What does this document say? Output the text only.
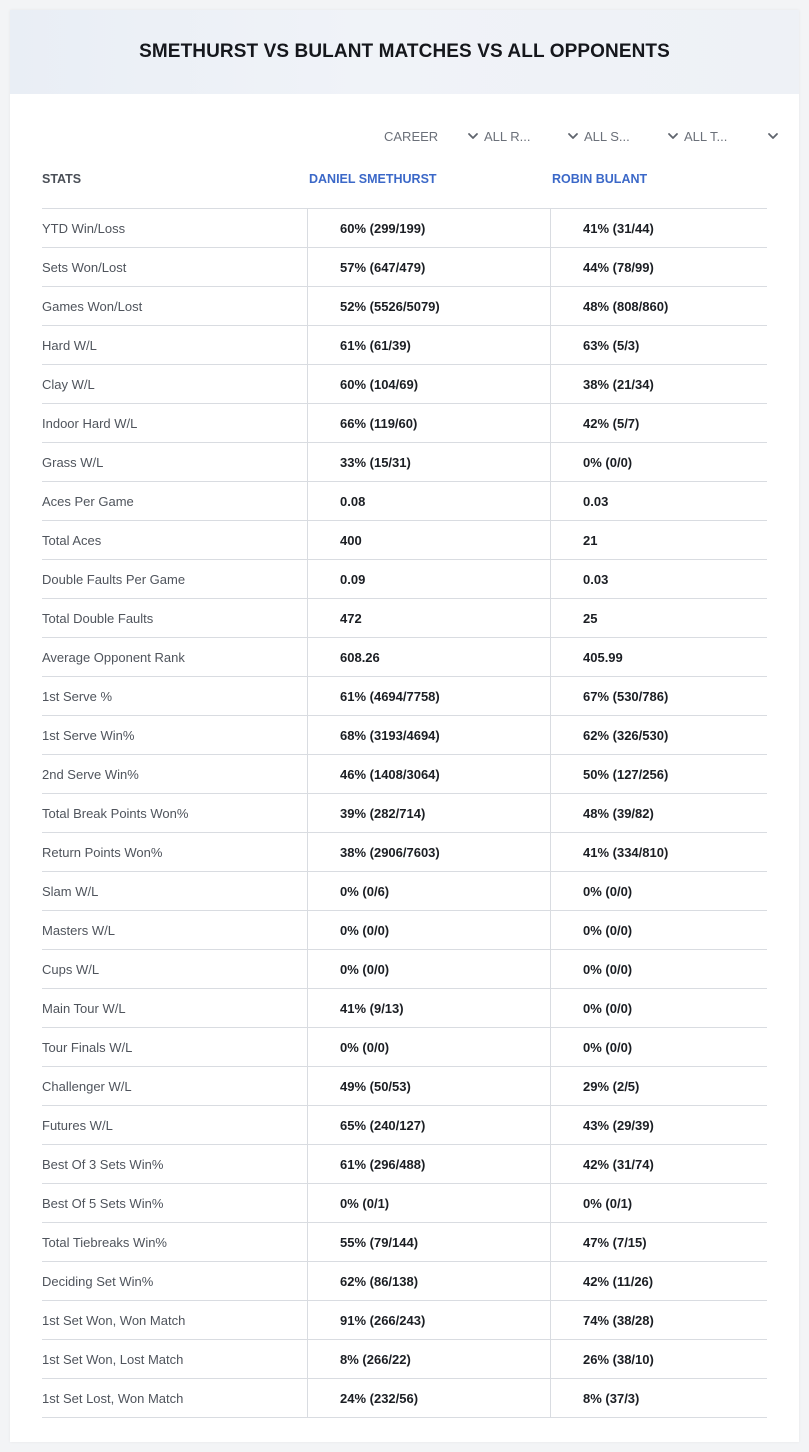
SMETHURST VS BULANT MATCHES VS ALL OPPONENTS
CAREER	ALL R...	ALL S...	ALL T...
STATS	DANIEL SMETHURST	ROBIN BULANT
YTD Win/Loss	60% (299/199)	41% (31/44)
Sets Won/Lost	57% (647/479)	44% (78/99)
Games Won/Lost	52% (5526/5079)	48% (808/860)
Hard W/L	61% (61/39)	63% (5/3)
Clay W/L	60% (104/69)	38% (21/34)
Indoor Hard W/L	66% (119/60)	42% (5/7)
Grass W/L	33% (15/31)	0% (0/0)
Aces Per Game	0.08	0.03
Total Aces	400	21
Double Faults Per Game	0.09	0.03
Total Double Faults	472	25
Average Opponent Rank	608.26	405.99
1st Serve %	61% (4694/7758)	67% (530/786)
1st Serve Win%	68% (3193/4694)	62% (326/530)
2nd Serve Win%	46% (1408/3064)	50% (127/256)
Total Break Points Won%	39% (282/714)	48% (39/82)
Return Points Won%	38% (2906/7603)	41% (334/810)
Slam W/L	0% (0/6)	0% (0/0)
Masters W/L	0% (0/0)	0% (0/0)
Cups W/L	0% (0/0)	0% (0/0)
Main Tour W/L	41% (9/13)	0% (0/0)
Tour Finals W/L	0% (0/0)	0% (0/0)
Challenger W/L	49% (50/53)	29% (2/5)
Futures W/L	65% (240/127)	43% (29/39)
Best Of 3 Sets Win%	61% (296/488)	42% (31/74)
Best Of 5 Sets Win%	0% (0/1)	0% (0/1)
Total Tiebreaks Win%	55% (79/144)	47% (7/15)
Deciding Set Win%	62% (86/138)	42% (11/26)
1st Set Won, Won Match	91% (266/243)	74% (38/28)
1st Set Won, Lost Match	8% (266/22)	26% (38/10)
1st Set Lost, Won Match	24% (232/56)	8% (37/3)
